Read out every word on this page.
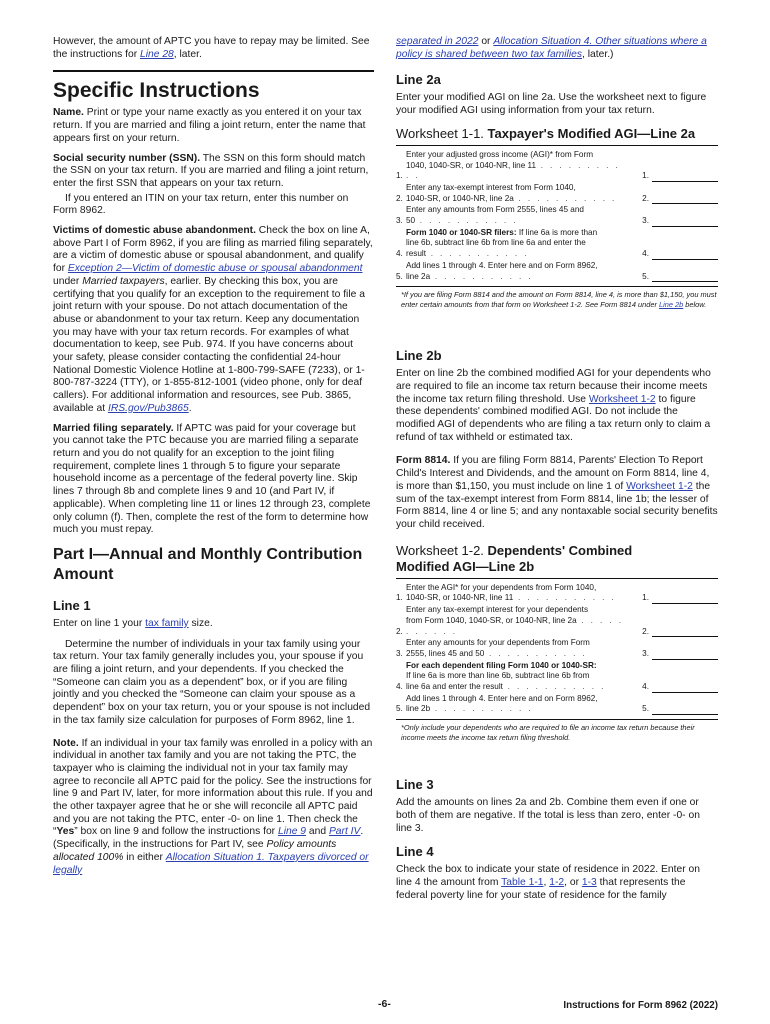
However, the amount of APTC you have to repay may be limited. See the instructions for Line 28, later.

Specific Instructions

Name. Print or type your name exactly as you entered it on your tax return. If you are married and filing a joint return, enter the name that appears first on your return.

Social security number (SSN). The SSN on this form should match the SSN on your tax return. If you are married and filing a joint return, enter the first SSN that appears on your tax return.

If you entered an ITIN on your tax return, enter this number on Form 8962.

Victims of domestic abuse abandonment. Check the box on line A, above Part I of Form 8962, if you are filing as married filing separately, are a victim of domestic abuse or spousal abandonment, and qualify for Exception 2—Victim of domestic abuse or spousal abandonment under Married taxpayers, earlier. By checking this box, you are certifying that you qualify for an exception to the requirement to file a joint return with your spouse. Do not attach documentation of the abuse or abandonment to your tax return. Keep any documentation you may have with your tax return records. For examples of what documentation to keep, see Pub. 974. If you have concerns about your safety, please consider contacting the confidential 24-hour National Domestic Violence Hotline at 1-800-799-SAFE (7233), or 1-800-787-3224 (TTY), or 1-855-812-1001 (video phone, only for deaf callers). For additional information and resources, see Pub. 3865, available at IRS.gov/Pub3865.

Married filing separately. If APTC was paid for your coverage but you cannot take the PTC because you are married filing a separate return and you do not qualify for an exception to the joint filing requirement, complete lines 1 through 5 to figure your separate household income as a percentage of the federal poverty line. Skip lines 7 through 8b and complete lines 9 and 10 (and Part IV, if applicable). When completing line 11 or lines 12 through 23, complete only column (f). Then, complete the rest of the form to determine how much you must repay.

Part I—Annual and Monthly Contribution Amount
Line 1

Enter on line 1 your tax family size.

Determine the number of individuals in your tax family using your tax return. Your tax family generally includes you, your spouse if you are filing a joint return, and your dependents. If you checked the “Someone can claim you as a dependent” box, or if you are filing jointly and you checked the “Someone can claim your spouse as a dependent” box on your tax return, you or your spouse is not included in the tax family size calculation for purposes of Form 8962, line 1.

Note. If an individual in your tax family was enrolled in a policy with an individual in another tax family and you are not taking the PTC, the taxpayer who is claiming the individual not in your tax family may agree to reconcile all APTC paid for the policy. See the instructions for line 9 and Part IV, later, for more information about this rule. If you and the other taxpayer agree that he or she will reconcile all APTC paid and you are not taking the PTC, enter -0- on line 1. Then check the “Yes” box on line 9 and follow the instructions for Line 9 and Part IV. (Specifically, in the instructions for Part IV, see Policy amounts allocated 100% in either Allocation Situation 1. Taxpayers divorced or legally

separated in 2022 or Allocation Situation 4. Other situations where a policy is shared between two tax families, later.)

Line 2a

Enter your modified AGI on line 2a. Use the worksheet next to figure your modified AGI using information from your tax return.

Worksheet 1-1. Taxpayer's Modified AGI—Line 2a
1.
Enter your adjusted gross income (AGI)* from Form
1040, 1040-SR, or 1040-NR, line 11 . . . . . . . . . . .	1.
2.
Enter any tax-exempt interest from Form 1040,
1040-SR, or 1040-NR, line 2a . . . . . . . . . . .	2.
3.
Enter any amounts from Form 2555, lines 45 and
50 . . . . . . . . . . .	3.
4.
Form 1040 or 1040-SR filers: If line 6a is more than
line 6b, subtract line 6b from line 6a and enter the
result . . . . . . . . . . .	4.
5.
Add lines 1 through 4. Enter here and on Form 8962,
line 2a . . . . . . . . . . .	5.

*If you are filing Form 8814 and the amount on Form 8814, line 4, is more than $1,150, you must enter certain amounts from that form on Worksheet 1-2. See Form 8814 under Line 2b below.

Line 2b

Enter on line 2b the combined modified AGI for your dependents who are required to file an income tax return because their income meets the income tax return filing threshold. Use Worksheet 1-2 to figure these dependents' combined modified AGI. Do not include the modified AGI of dependents who are filing a tax return only to claim a refund of tax withheld or estimated tax.

Form 8814. If you are filing Form 8814, Parents' Election To Report Child's Interest and Dividends, and the amount on Form 8814, line 4, is more than $1,150, you must include on line 1 of Worksheet 1-2 the sum of the tax-exempt interest from Form 8814, line 1b; the lesser of Form 8814, line 4 or line 5; and any nontaxable social security benefits your child received.

Worksheet 1-2. Dependents' Combined Modified AGI—Line 2b
1.
Enter the AGI* for your dependents from Form 1040,
1040-SR, or 1040-NR, line 11 . . . . . . . . . . .	1.
2.
Enter any tax-exempt interest for your dependents
from Form 1040, 1040-SR, or 1040-NR, line 2a . . . . . . . . . . .	2.
3.
Enter any amounts for your dependents from Form
2555, lines 45 and 50 . . . . . . . . . . .	3.
4.
For each dependent filing Form 1040 or 1040-SR:
If line 6a is more than line 6b, subtract line 6b from
line 6a and enter the result . . . . . . . . . . .	4.
5.
Add lines 1 through 4. Enter here and on Form 8962,
line 2b . . . . . . . . . . .	5.

*Only include your dependents who are required to file an income tax return because their income meets the income tax return filing threshold.

Line 3

Add the amounts on lines 2a and 2b. Combine them even if one or both of them are negative. If the total is less than zero, enter -0- on line 3.

Line 4

Check the box to indicate your state of residence in 2022. Enter on line 4 the amount from Table 1-1, 1-2, or 1-3 that represents the federal poverty line for your state of residence for the family

-6-	Instructions for Form 8962 (2022)
